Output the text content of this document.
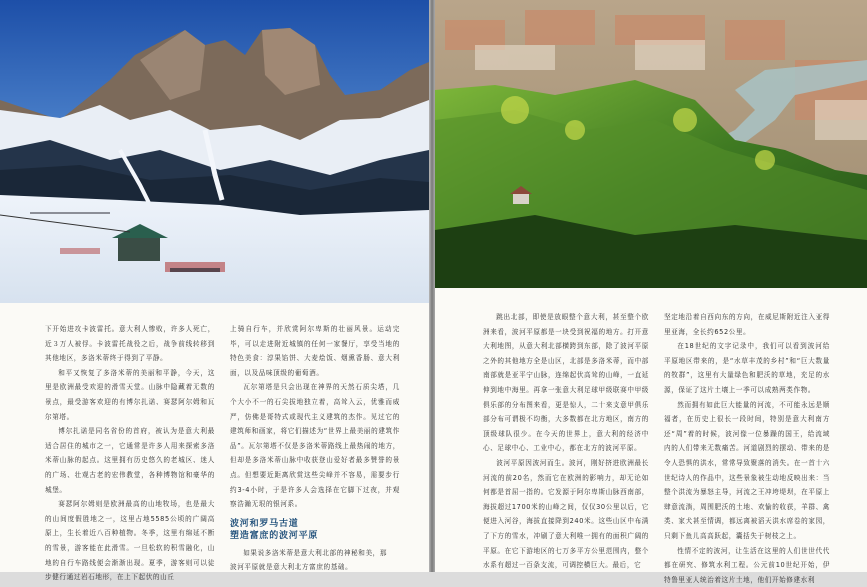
下开始进攻卡波雷托。意大利人惨败，许多人死亡，近３万人被俘。卡波雷托战役之后，战争前线转移到其他地区，多洛米蒂终于得到了平静。

和平又恢复了多洛米蒂的美丽和平静，今天，这里是欧洲最受欢迎的滑雪天堂。山脉中隐藏着无数的景点，最受游客欢迎的有博尔扎诺、赛瑟阿尔姆和瓦尔第塔。

博尔扎诺是同名省份的首府，被认为是意大利最适合居住的城市之一，它通常是许多人用来探索多洛米蒂山脉的起点。这里拥有历史悠久的老城区、迷人的广场、壮观古老的宏伟教堂，各种博物馆和豪华的城堡。

赛瑟阿尔姆则是欧洲最高的山地牧场，也是最大的山间度假胜地之一，这里占地5585公顷的广阔高原上，生长着近八百种植物。冬季，这里有绵延不断的雪景，游客能在此滑雪。一旦松软的积雪融化，山地的自行车路线便会渐渐出现。夏季，游客则可以徒步健行通过岩石地形，在上下起伏的山丘

上骑自行车，并欣赏阿尔卑斯的壮丽风景。运动完毕，可以走进附近城镇的任何一家餐厅，享受当地的特色美食：淳果馅饼、大麦烩饭、烟熏香肠、意大利面，以及品味顶级的葡萄酒。

瓦尔第塔是只会出现在神界的天然石质尖塔，几个大小不一的石尖拔地独立着，高耸入云，优雅而威严，仿佛是哥特式或现代主义建筑的杰作。见过它的建筑师和画家，将它们描述为“世界上最美丽的建筑作品”。瓦尔第塔不仅是多洛米蒂路线上最热闹的地方，但却是多洛米蒂山脉中收获登山爱好者最多赞誉的景点。但想要近距离欣赏这些尖峰并不容易，需要步行约3-4小时，于是许多人会选择在它脚下过夜，并观察浩瀚无垠的银河系。

波河和罗马古道
塑造富庶的波河平原

如果说多洛米蒂是意大利北部的神秘和美，那

波河平原就是意大利北方富庶的基础。

跳出北部，即使是放眼整个意大利，甚至整个欧洲来看，波河平原都是一块受到祝福的地方。打开意大利地图，从意大利北部横跨到东部，除了波河平原之外的其他地方全是山区，北部是多洛米蒂，而中部南部就是亚平宁山脉，连绵起伏高耸的山峰，一直延伸到地中海里。再拿一张意大利足球甲级联赛中甲级俱乐部的分布图来看，更是惊人，二十来支意甲俱乐部分布可谓极不均衡，大多数都在北方地区，南方的顶级球队很少。在今天的世界上，意大利的经济中心、足球中心、工业中心，都在北方的波河平原。

波河平原因波河而生。波河，刚好挤进欧洲最长河流的前20名，然而它在欧洲的影响力，却无论如何都是首屈一指的。它发源于阿尔卑斯山脉西南部，海拔超过1700米的山峰之间，仅仅30公里以后，它便进入河谷，海拔直接降到240米。这些山区中布满了下方的雪水，冲刷了意大利唯一拥有的面积广阔的平原。在它下游地区的七万多平方公里范围内，整个水系有超过一百条支流，可调控横巨大。最后，它

坚定地沿着自西向东的方向，在威尼斯附近注入亚得里亚海，全长约652公里。

在18世纪的文字记录中，我们可以看到波河给平原地区带来的，是“水草丰茂的乡村”和“巨大数量的牧群”，这里有大量绿色和肥沃的草地，充足的水源，保证了这片土壤上一季可以成熟两类作物。

然而拥有如此巨大能量的河流，不可能永远是顺福者，在历史上很长一段时间，特别是意大利南方还“周”着的时候，波河像一位暴躁的国王，给流域内的人们带来无数痛苦。河道剧烈的摆动、带来的是令人恐惧的洪水，常常导致聚落的消失。在一首十六世纪诗人的作品中，这些景象被生动地反映出来：当整个洪流为暴怒主导，河流之王冲垮堤坝，在平原上肆意流淌，周围肥沃的土地、欢愉的收获，羊群、禽类、家犬甚至情调，都远离被滔天洪水席卷的家园，只剩下鱼儿高高跃起，囊括失于树枝之上。

性情不定的波河，让生活在这里的人们世世代代都在研究、修筑水利工程。公元前10世纪开始，伊特鲁里亚人统治着这片土地，他们开始修建水利
